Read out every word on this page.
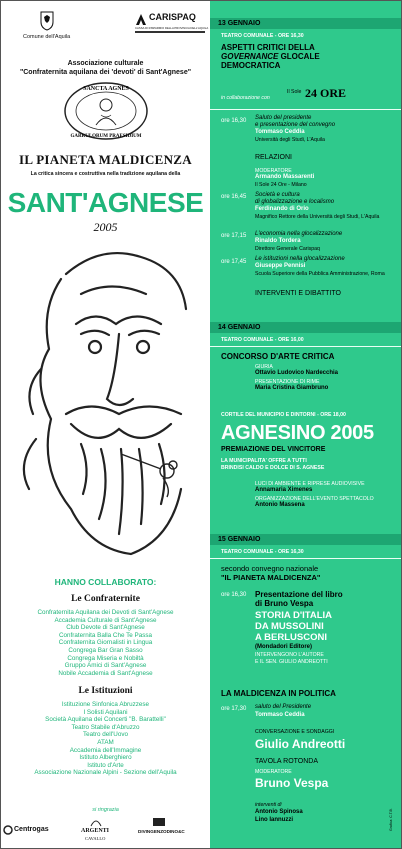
Comune dell'Aquila
CARISPAQ
CASSA DI RISPARMIO DELLA PROVINCIA DELL'AQUILA
Associazione culturale
"Confraternita aquilana dei 'devoti' di Sant'Agnese"
SANCTA AGNES
GARRULORUM PRAESIDIUM
IL PIANETA MALDICENZA
La critica sincera e costruttiva nella tradizione aquilana della
SANT'AGNESE
2005
HANNO COLLABORATO:
Le Confraternite
Confraternita Aquilana dei Devoti di Sant'Agnese
Accademia Culturale di Sant'Agnese
Club Devote di Sant'Agnese
Confraternita Balla Che Te Passa
Confraternita Giornalisti in Lingua
Congrega Bar Gran Sasso
Congrega Miseria e Nobiltà
Gruppo Amici di Sant'Agnese
Nobile Accademia di Sant'Agnese
Le Istituzioni
Istituzione Sinfonica Abruzzese
I Solisti Aquilani
Società Aquilana dei Concerti "B. Barattelli"
Teatro Stabile d'Abruzzo
Teatro dell'Uovo
ATAM
Accademia dell'Immagine
Istituto Alberghiero
Istituto d'Arte
Associazione Nazionale Alpini - Sezione dell'Aquila
si ringrazia
Centrogas	ARGENTI
CAVALLO
DIVINGENZODINO&C
13 GENNAIO
TEATRO COMUNALE - ORE 16,30
ASPETTI CRITICI DELLA
GOVERNANCE GLOCALE
DEMOCRATICA
in collaborazione con
Il Sole 24 ORE
ore 16,30 Saluto del presidente
e presentazione del convegno
Tommaso Ceddia
Università degli Studi, L'Aquila
RELAZIONI
MODERATORE
Armando Massarenti
Il Sole 24 Ore - Milano
ore 16,45 Società e cultura
di globalizzazione e localismo
Ferdinando di Orio
Magnifico Rettore della Università degli Studi, L'Aquila
ore 17,15 L'economia nella glocalizzazione
Rinaldo Tordera
Direttore Generale Carispaq
ore 17,45 Le istituzioni nella glocalizzazione
Giuseppe Pennisi
Scuola Superiore della Pubblica Amministrazione, Roma
INTERVENTI E DIBATTITO
14 GENNAIO
TEATRO COMUNALE - ORE 16,00
CONCORSO D'ARTE CRITICA
GIURIA
Ottavio Ludovico Nardecchia
PRESENTAZIONE DI RIME
Maria Cristina Giambruno
CORTILE DEL MUNICIPIO E DINTORNI - ORE 18,00
AGNESINO 2005
PREMIAZIONE DEL VINCITORE
LA MUNICIPALITA' OFFRE A TUTTI
BRINDISI CALDO E DOLCE DI S. AGNESE
LUCI DI AMBIENTE E RIPRESE AUDIOVISIVE
Annamaria Ximenes
ORGANIZZAZIONE DELL'EVENTO SPETTACOLO
Antonio Massena
15 GENNAIO
TEATRO COMUNALE - ORE 16,30
secondo convegno nazionale
"IL PIANETA MALDICENZA"
ore 16,30 Presentazione del libro
di Bruno Vespa
STORIA D'ITALIA
DA MUSSOLINI
A BERLUSCONI
(Mondadori Editore)
INTERVENGONO L'AUTORE
E IL SEN. GIULIO ANDREOTTI
LA MALDICENZA IN POLITICA
ore 17,30 saluto del Presidente
Tommaso Ceddia
CONVERSAZIONE E SONDAGGI
Giulio Andreotti
TAVOLA ROTONDA
MODERATORE
Bruno Vespa
interventi di
Antonio Spinosa
Lino Iannuzzi	Grafica: C.T.B.
